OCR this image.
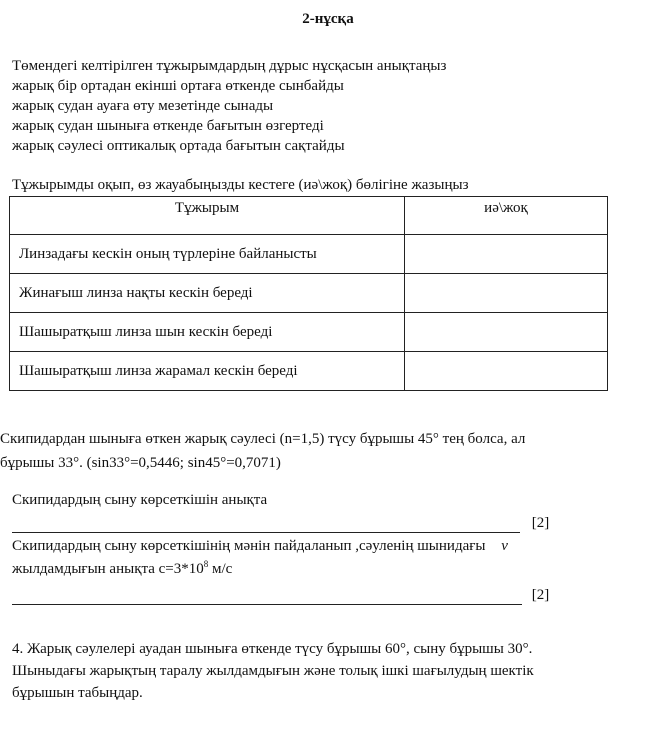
2-нұсқа
Төмендегі келтірілген тұжырымдардың дұрыс нұсқасын анықтаңыз
жарық бір ортадан екінші ортаға өткенде сынбайды
жарық судан ауаға өту мезетінде сынады
жарық судан шыныға өткенде бағытын өзгертеді
жарық сәулесі оптикалық ортада бағытын сақтайды
Тұжырымды оқып, өз жауабыңызды кестеге (иә\жоқ) бөлігіне жазыңыз
Тұжырым	иә\жоқ
Линзадағы кескін оның түрлеріне байланысты	
Жинағыш линза нақты кескін береді	
Шашыратқыш линза шын кескін береді	
Шашыратқыш линза жарамал кескін береді	
Скипидардан шыныға өткен жарық сәулесі (n=1,5) түсу бұрышы 45° тең болса, ал
бұрышы 33°. (sin33°=0,5446; sin45°=0,7071)
Скипидардың сыну көрсеткішін анықта
[2]
Скипидардың сыну көрсеткішінің мәнін пайдаланып ,сәуленің шынидағы v
жылдамдығын анықта $с=3*10^8$ м/с
[2]
4. Жарық сәулелері ауадан шыныға өткенде түсу бұрышы 60°, сыну бұрышы 30°.
Шыныдағы жарықтың таралу жылдамдығын және толық ішкі шағылудың шектік
бұрышын табыңдар.
